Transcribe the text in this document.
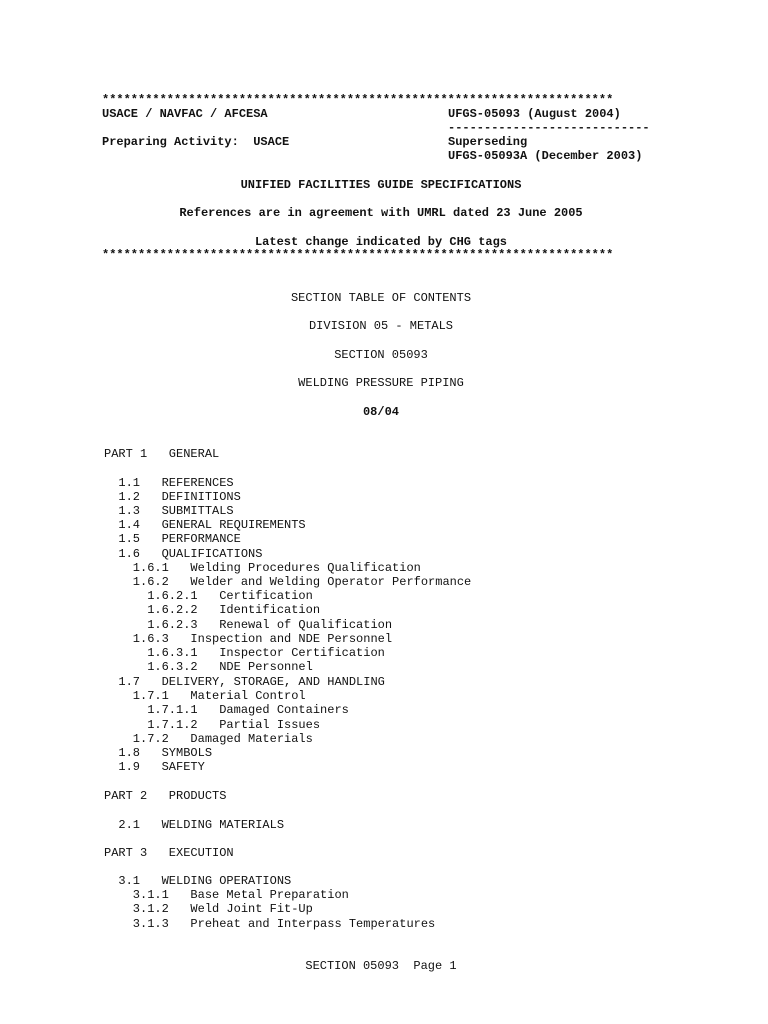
***********************************************************************
USACE / NAVFAC / AFCESA	UFGS-05093 (August 2004)
----------------------------
Preparing Activity:  USACE	Superseding
UFGS-05093A (December 2003)
UNIFIED FACILITIES GUIDE SPECIFICATIONS
References are in agreement with UMRL dated 23 June 2005
Latest change indicated by CHG tags
***********************************************************************
SECTION TABLE OF CONTENTS
DIVISION 05 - METALS
SECTION 05093
WELDING PRESSURE PIPING
08/04
PART 1   GENERAL
1.1   REFERENCES
1.2   DEFINITIONS
1.3   SUBMITTALS
1.4   GENERAL REQUIREMENTS
1.5   PERFORMANCE
1.6   QUALIFICATIONS
1.6.1   Welding Procedures Qualification
1.6.2   Welder and Welding Operator Performance
1.6.2.1   Certification
1.6.2.2   Identification
1.6.2.3   Renewal of Qualification
1.6.3   Inspection and NDE Personnel
1.6.3.1   Inspector Certification
1.6.3.2   NDE Personnel
1.7   DELIVERY, STORAGE, AND HANDLING
1.7.1   Material Control
1.7.1.1   Damaged Containers
1.7.1.2   Partial Issues
1.7.2   Damaged Materials
1.8   SYMBOLS
1.9   SAFETY
PART 2   PRODUCTS
2.1   WELDING MATERIALS
PART 3   EXECUTION
3.1   WELDING OPERATIONS
3.1.1   Base Metal Preparation
3.1.2   Weld Joint Fit-Up
3.1.3   Preheat and Interpass Temperatures
SECTION 05093  Page 1
